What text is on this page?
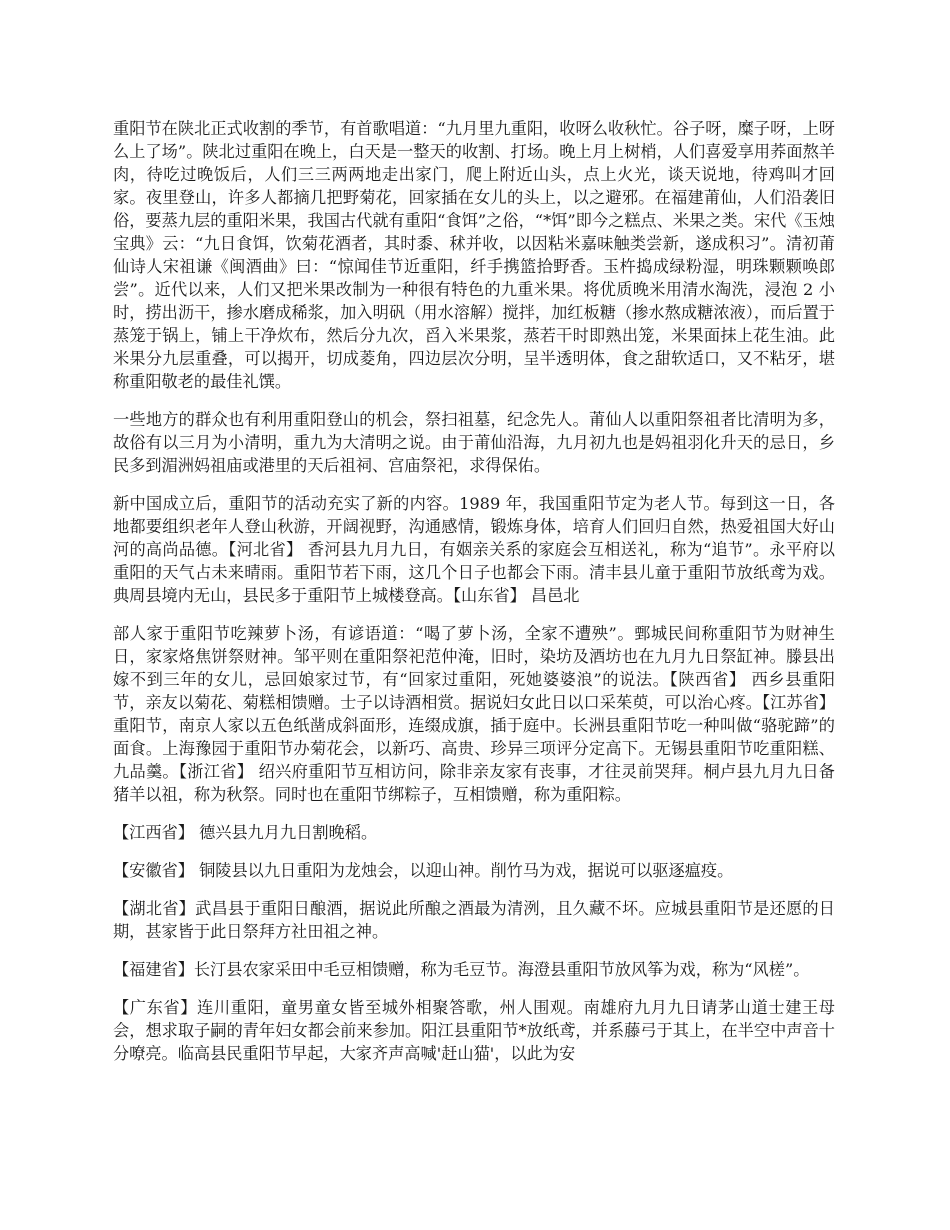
重阳节在陕北正式收割的季节，有首歌唱道：“九月里九重阳，收呀么收秋忙。谷子呀，糜子呀，上呀么上了场”。陕北过重阳在晚上，白天是一整天的收割、打场。晚上月上树梢，人们喜爱享用荞面熬羊肉，待吃过晚饭后，人们三三两两地走出家门，爬上附近山头，点上火光，谈天说地，待鸡叫才回家。夜里登山，许多人都摘几把野菊花，回家插在女儿的头上，以之避邪。在福建莆仙，人们沿袭旧俗，要蒸九层的重阳米果，我国古代就有重阳“食饵”之俗，“*饵”即今之糕点、米果之类。宋代《玉烛宝典》云：“九日食饵，饮菊花酒者，其时黍、秫并收，以因粘米嘉味触类尝新，遂成积习”。清初莆仙诗人宋祖谦《闽酒曲》曰：“惊闻佳节近重阳，纤手携篮拾野香。玉杵捣成绿粉湿，明珠颗颗唤郎尝”。近代以来，人们又把米果改制为一种很有特色的九重米果。将优质晚米用清水淘洗，浸泡 2 小时，捞出沥干，掺水磨成稀浆，加入明矾（用水溶解）搅拌，加红板糖（掺水熬成糖浓液），而后置于蒸笼于锅上，铺上干净炊布，然后分九次，舀入米果浆，蒸若干时即熟出笼，米果面抹上花生油。此米果分九层重叠，可以揭开，切成菱角，四边层次分明，呈半透明体，食之甜软适口，又不粘牙，堪称重阳敬老的最佳礼馔。

一些地方的群众也有利用重阳登山的机会，祭扫祖墓，纪念先人。莆仙人以重阳祭祖者比清明为多，故俗有以三月为小清明，重九为大清明之说。由于莆仙沿海，九月初九也是妈祖羽化升天的忌日，乡民多到湄洲妈祖庙或港里的天后祖祠、宫庙祭祀，求得保佑。

新中国成立后，重阳节的活动充实了新的内容。1989 年，我国重阳节定为老人节。每到这一日，各地都要组织老年人登山秋游，开阔视野，沟通感情，锻炼身体，培育人们回归自然，热爱祖国大好山河的高尚品德。【河北省】 香河县九月九日，有姻亲关系的家庭会互相送礼，称为“追节”。永平府以重阳的天气占未来晴雨。重阳节若下雨，这几个日子也都会下雨。清丰县儿童于重阳节放纸鸢为戏。典周县境内无山，县民多于重阳节上城楼登高。【山东省】 昌邑北

部人家于重阳节吃辣萝卜汤，有谚语道：“喝了萝卜汤，全家不遭殃”。鄄城民间称重阳节为财神生日，家家烙焦饼祭财神。邹平则在重阳祭祀范仲淹，旧时，染坊及酒坊也在九月九日祭缸神。滕县出嫁不到三年的女儿，忌回娘家过节，有“回家过重阳，死她婆婆浪”的说法。【陕西省】 西乡县重阳节，亲友以菊花、菊糕相馈赠。士子以诗酒相赏。据说妇女此日以口采茱萸，可以治心疼。【江苏省】 重阳节，南京人家以五色纸凿成斜面形，连缀成旗，插于庭中。长洲县重阳节吃一种叫做“骆驼蹄”的面食。上海豫园于重阳节办菊花会，以新巧、高贵、珍异三项评分定高下。无锡县重阳节吃重阳糕、九品羹。【浙江省】 绍兴府重阳节互相访问，除非亲友家有丧事，才往灵前哭拜。桐卢县九月九日备猪羊以祖，称为秋祭。同时也在重阳节绑粽子，互相馈赠，称为重阳粽。

【江西省】 德兴县九月九日割晚稻。

【安徽省】 铜陵县以九日重阳为龙烛会，以迎山神。削竹马为戏，据说可以驱逐瘟疫。

【湖北省】武昌县于重阳日酿酒，据说此所酿之酒最为清洌，且久藏不坏。应城县重阳节是还愿的日期，甚家皆于此日祭拜方社田祖之神。

【福建省】长汀县农家采田中毛豆相馈赠，称为毛豆节。海澄县重阳节放风筝为戏，称为“风槎”。

【广东省】连川重阳，童男童女皆至城外相聚答歌，州人围观。南雄府九月九日请茅山道士建王母会，想求取子嗣的青年妇女都会前来参加。阳江县重阳节*放纸鸢，并系藤弓于其上，在半空中声音十分嘹亮。临高县民重阳节早起，大家齐声高喊'赶山猫'，以此为安
